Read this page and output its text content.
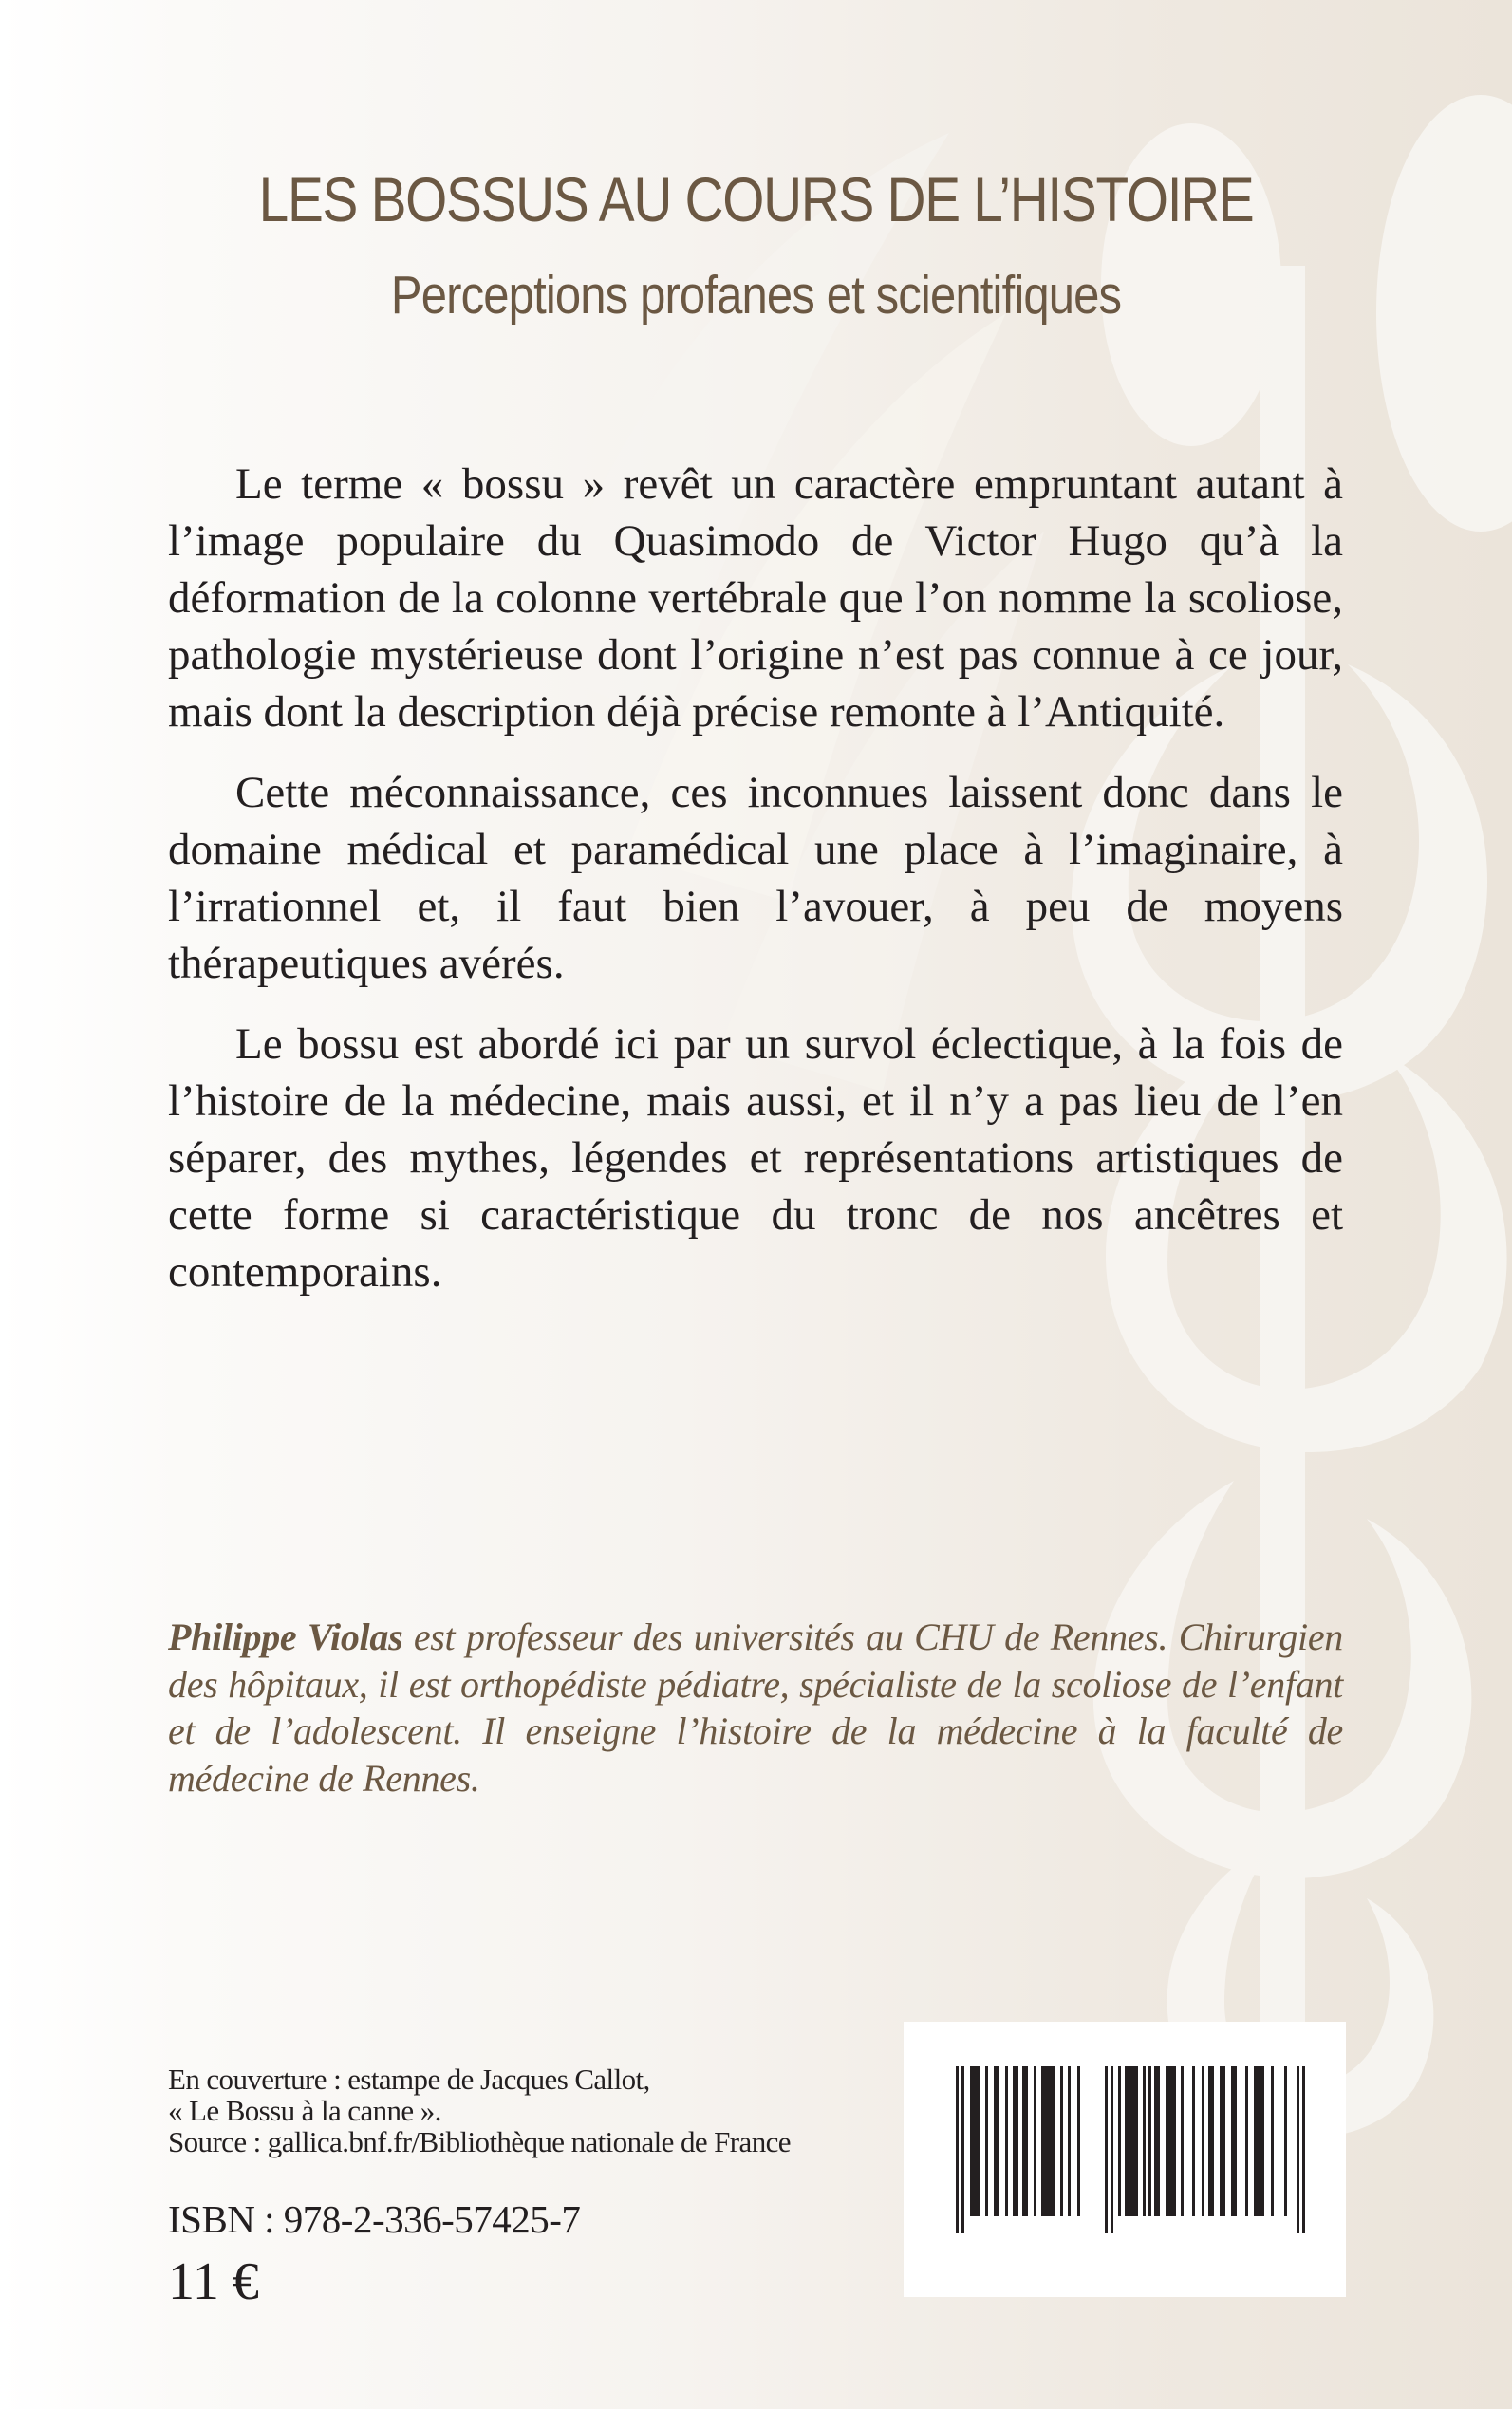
LES BOSSUS AU COURS DE L’HISTOIRE
Perceptions profanes et scientifiques

Le terme « bossu » revêt un caractère empruntant autant à l’image populaire du Quasimodo de Victor Hugo qu’à la déformation de la colonne vertébrale que l’on nomme la scoliose, pathologie mystérieuse dont l’origine n’est pas connue à ce jour, mais dont la description déjà précise remonte à l’Antiquité.

Cette méconnaissance, ces inconnues laissent donc dans le domaine médical et paramédical une place à l’imaginaire, à l’irrationnel et, il faut bien l’avouer, à peu de moyens thérapeutiques avérés.

Le bossu est abordé ici par un survol éclectique, à la fois de l’histoire de la médecine, mais aussi, et il n’y a pas lieu de l’en séparer, des mythes, légendes et représentations artistiques de cette forme si caractéristique du tronc de nos ancêtres et contemporains.

Philippe Violas est professeur des universités au CHU de Rennes. Chirurgien des hôpitaux, il est orthopédiste pédiatre, spécialiste de la scoliose de l’enfant et de l’adolescent. Il enseigne l’histoire de la médecine à la faculté de médecine de Rennes.

En couverture : estampe de Jacques Callot,
« Le Bossu à la canne ».
Source : gallica.bnf.fr/Bibliothèque nationale de France
ISBN : 978-2-336-57425-7
11 €
